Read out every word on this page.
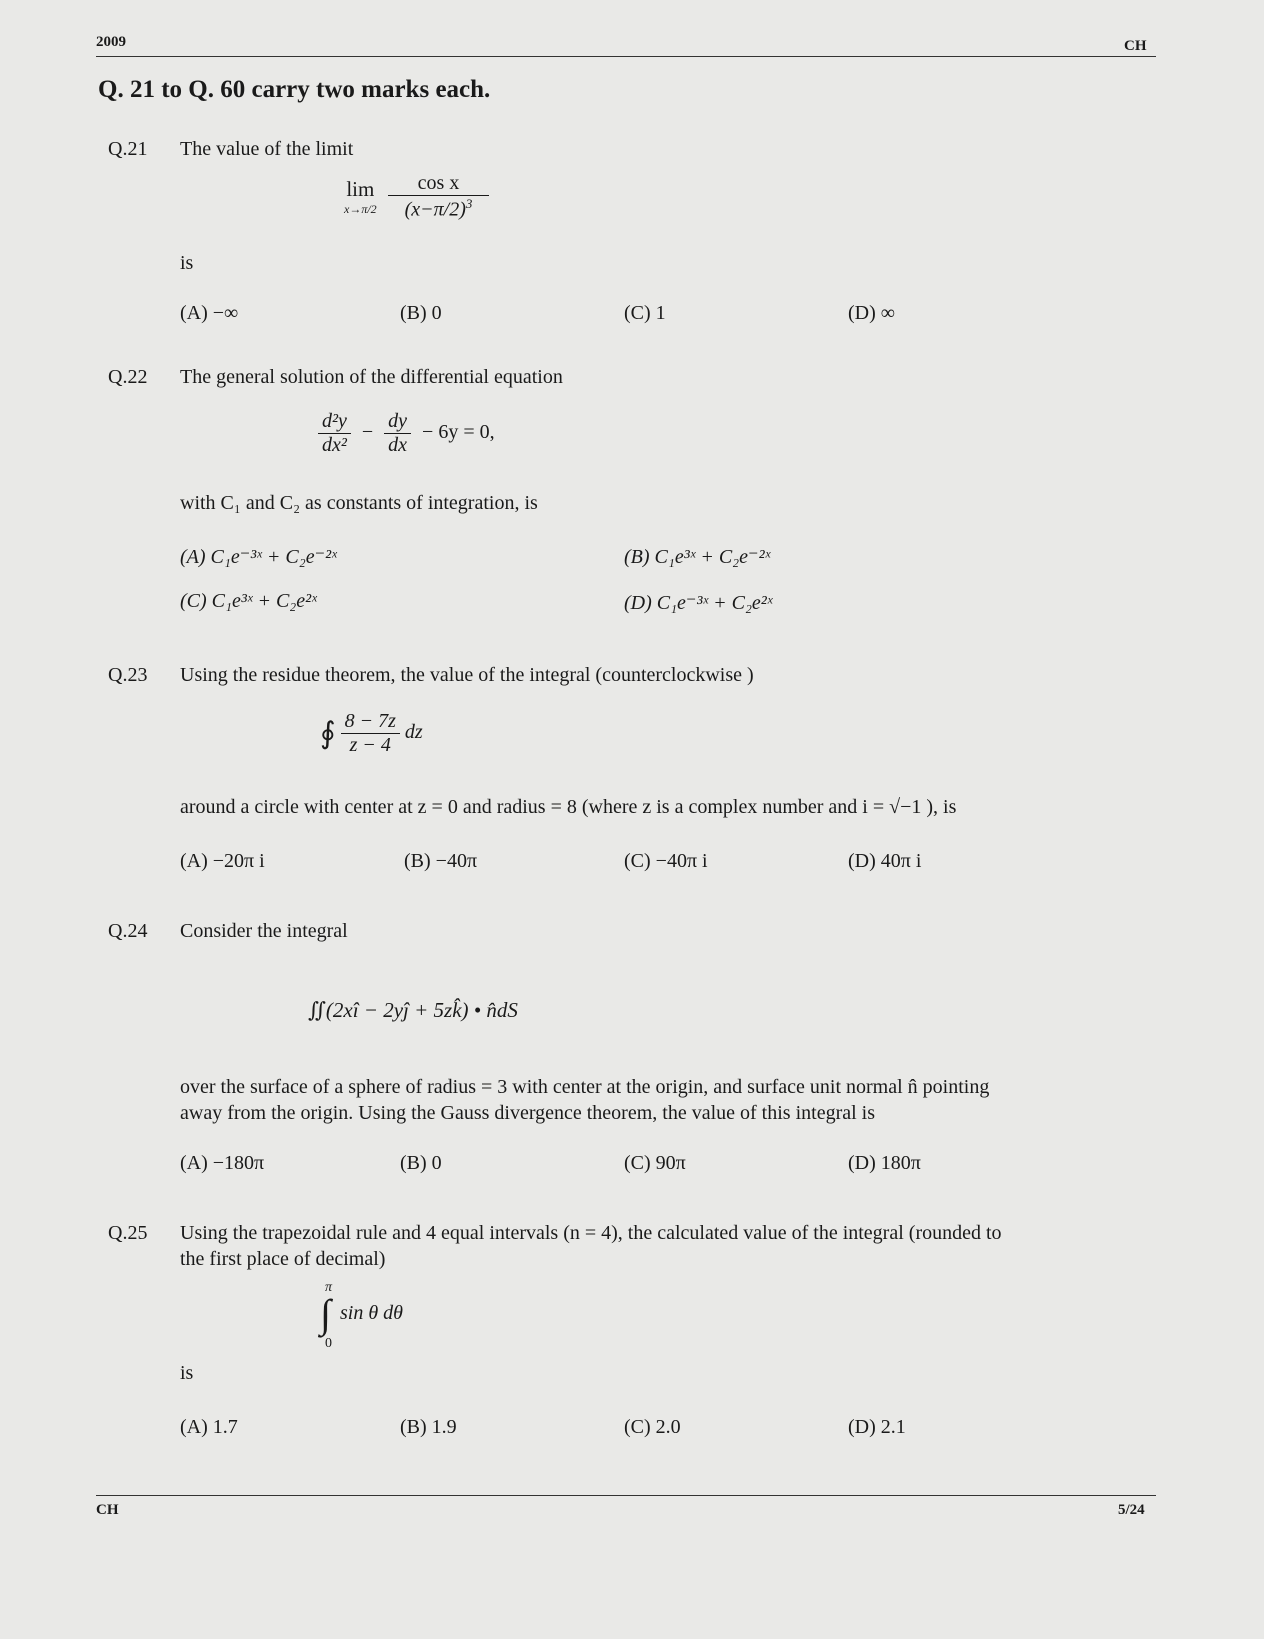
2009	CH
Q. 21 to Q. 60 carry two marks each.
Q.21 The value of the limit
lim
x→π/2
$\frac{\text{cos x}}{(x-\pi/2)^3}$
is
(A) −∞	(B) 0	(C) 1	(D) ∞
Q.22 The general solution of the differential equation
$\frac{\text{d²y}}{\text{dx²}} - \frac{dy}{dx} - 6y = 0$,
with C₁ and C₂ as constants of integration, is
(A) C₁e⁻³ˣ + C₂e⁻²ˣ	(B) C₁e³ˣ + C₂e⁻²ˣ
(C) C₁e³ˣ + C₂e²ˣ	(D) C₁e⁻³ˣ + C₂e²ˣ
Q.23 Using the residue theorem, the value of the integral (counterclockwise )
∮ $\frac{8 - 7z}{z - 4}$ dz
around a circle with center at z = 0 and radius = 8 (where z is a complex number and i = √−1 ), is
(A) −20π i	(B) −40π	(C) −40π i	(D) 40π i
Q.24 Consider the integral
∬(2xî − 2yĵ + 5zk̂) • n̂dS
over the surface of a sphere of radius = 3 with center at the origin, and surface unit normal n̂ pointing
away from the origin. Using the Gauss divergence theorem, the value of this integral is
(A) −180π	(B) 0	(C) 90π	(D) 180π
Q.25 Using the trapezoidal rule and 4 equal intervals (n = 4), the calculated value of the integral (rounded to
the first place of decimal)
π
∫
0
sin θ dθ
is
(A) 1.7	(B) 1.9	(C) 2.0	(D) 2.1
CH	5/24
